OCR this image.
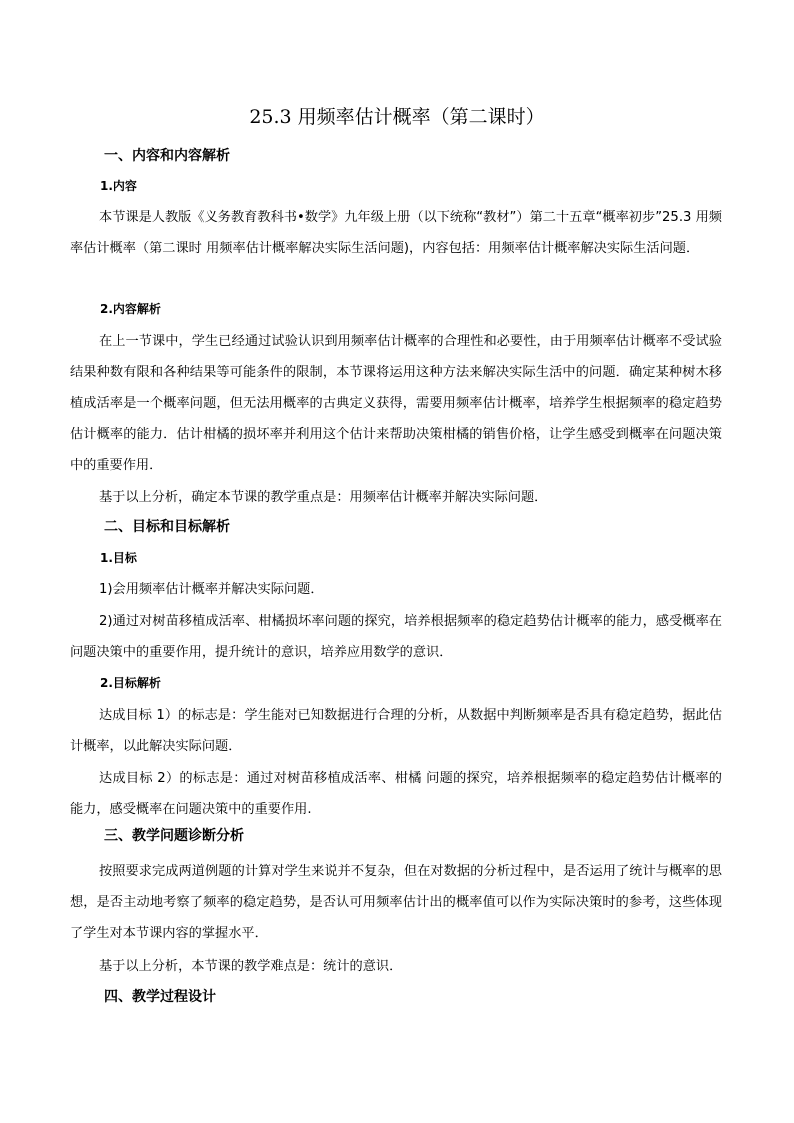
25.3 用频率估计概率（第二课时）
一、内容和内容解析
1.内容
本节课是人教版《义务教育教科书•数学》九年级上册（以下统称“教材”）第二十五章“概率初步”25.3 用频率估计概率（第二课时 用频率估计概率解决实际生活问题)，内容包括：用频率估计概率解决实际生活问题．
2.内容解析
在上一节课中，学生已经通过试验认识到用频率估计概率的合理性和必要性，由于用频率估计概率不受试验结果种数有限和各种结果等可能条件的限制，本节课将运用这种方法来解决实际生活中的问题．确定某种树木移植成活率是一个概率问题，但无法用概率的古典定义获得，需要用频率估计概率，培养学生根据频率的稳定趋势估计概率的能力．估计柑橘的损坏率并利用这个估计来帮助决策柑橘的销售价格，让学生感受到概率在问题决策中的重要作用．
基于以上分析，确定本节课的教学重点是：用频率估计概率并解决实际问题．
二、目标和目标解析
1.目标
1)会用频率估计概率并解决实际问题．
2)通过对树苗移植成活率、柑橘损坏率问题的探究，培养根据频率的稳定趋势估计概率的能力，感受概率在问题决策中的重要作用，提升统计的意识，培养应用数学的意识．
2.目标解析
达成目标 1）的标志是：学生能对已知数据进行合理的分析，从数据中判断频率是否具有稳定趋势，据此估计概率，以此解决实际问题．
达成目标 2）的标志是：通过对树苗移植成活率、柑橘 问题的探究，培养根据频率的稳定趋势估计概率的能力，感受概率在问题决策中的重要作用.
三、教学问题诊断分析
按照要求完成两道例题的计算对学生来说并不复杂，但在对数据的分析过程中，是否运用了统计与概率的思想，是否主动地考察了频率的稳定趋势，是否认可用频率估计出的概率值可以作为实际决策时的参考，这些体现了学生对本节课内容的掌握水平．
基于以上分析，本节课的教学难点是：统计的意识．
四、教学过程设计
